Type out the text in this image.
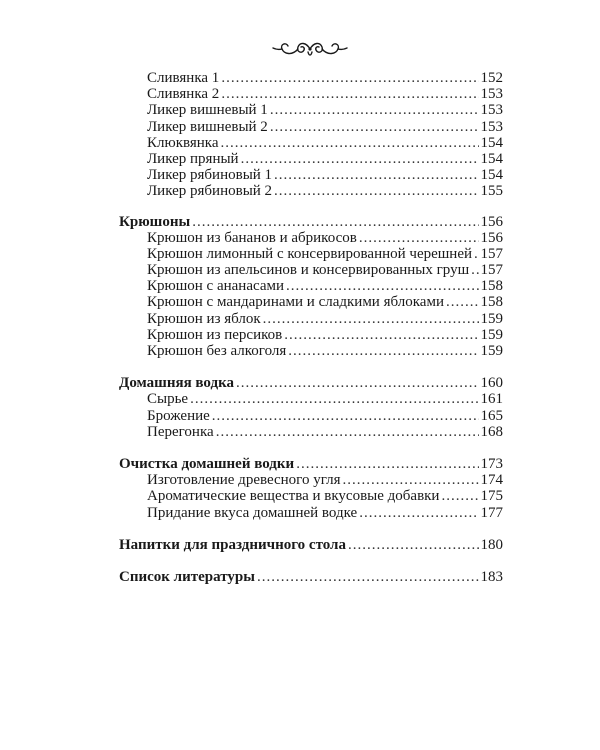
Сливянка 1 .....	152
Сливянка 2 .....	153
Ликер вишневый 1 .....	153
Ликер вишневый 2 .....	153
Клюквянка .....	154
Ликер пряный .....	154
Ликер рябиновый 1 .....	154
Ликер рябиновый 2 .....	155
Крюшоны .....	156
Крюшон из бананов и абрикосов .....	156
Крюшон лимонный с консервированной черешней ..... 157
Крюшон из апельсинов и консервированных груш ..... 157
Крюшон с ананасами .....	158
Крюшон с мандаринами и сладкими яблоками ..... 158
Крюшон из яблок .....	159
Крюшон из персиков .....	159
Крюшон без алкоголя .....	159
Домашняя водка .....	160
Сырье .....	161
Брожение .....	165
Перегонка .....	168
Очистка домашней водки .....	173
Изготовление древесного угля .....	174
Ароматические вещества и вкусовые добавки .....	175
Придание вкуса домашней водке .....	177
Напитки для праздничного стола .....	180
Список литературы .....	183
